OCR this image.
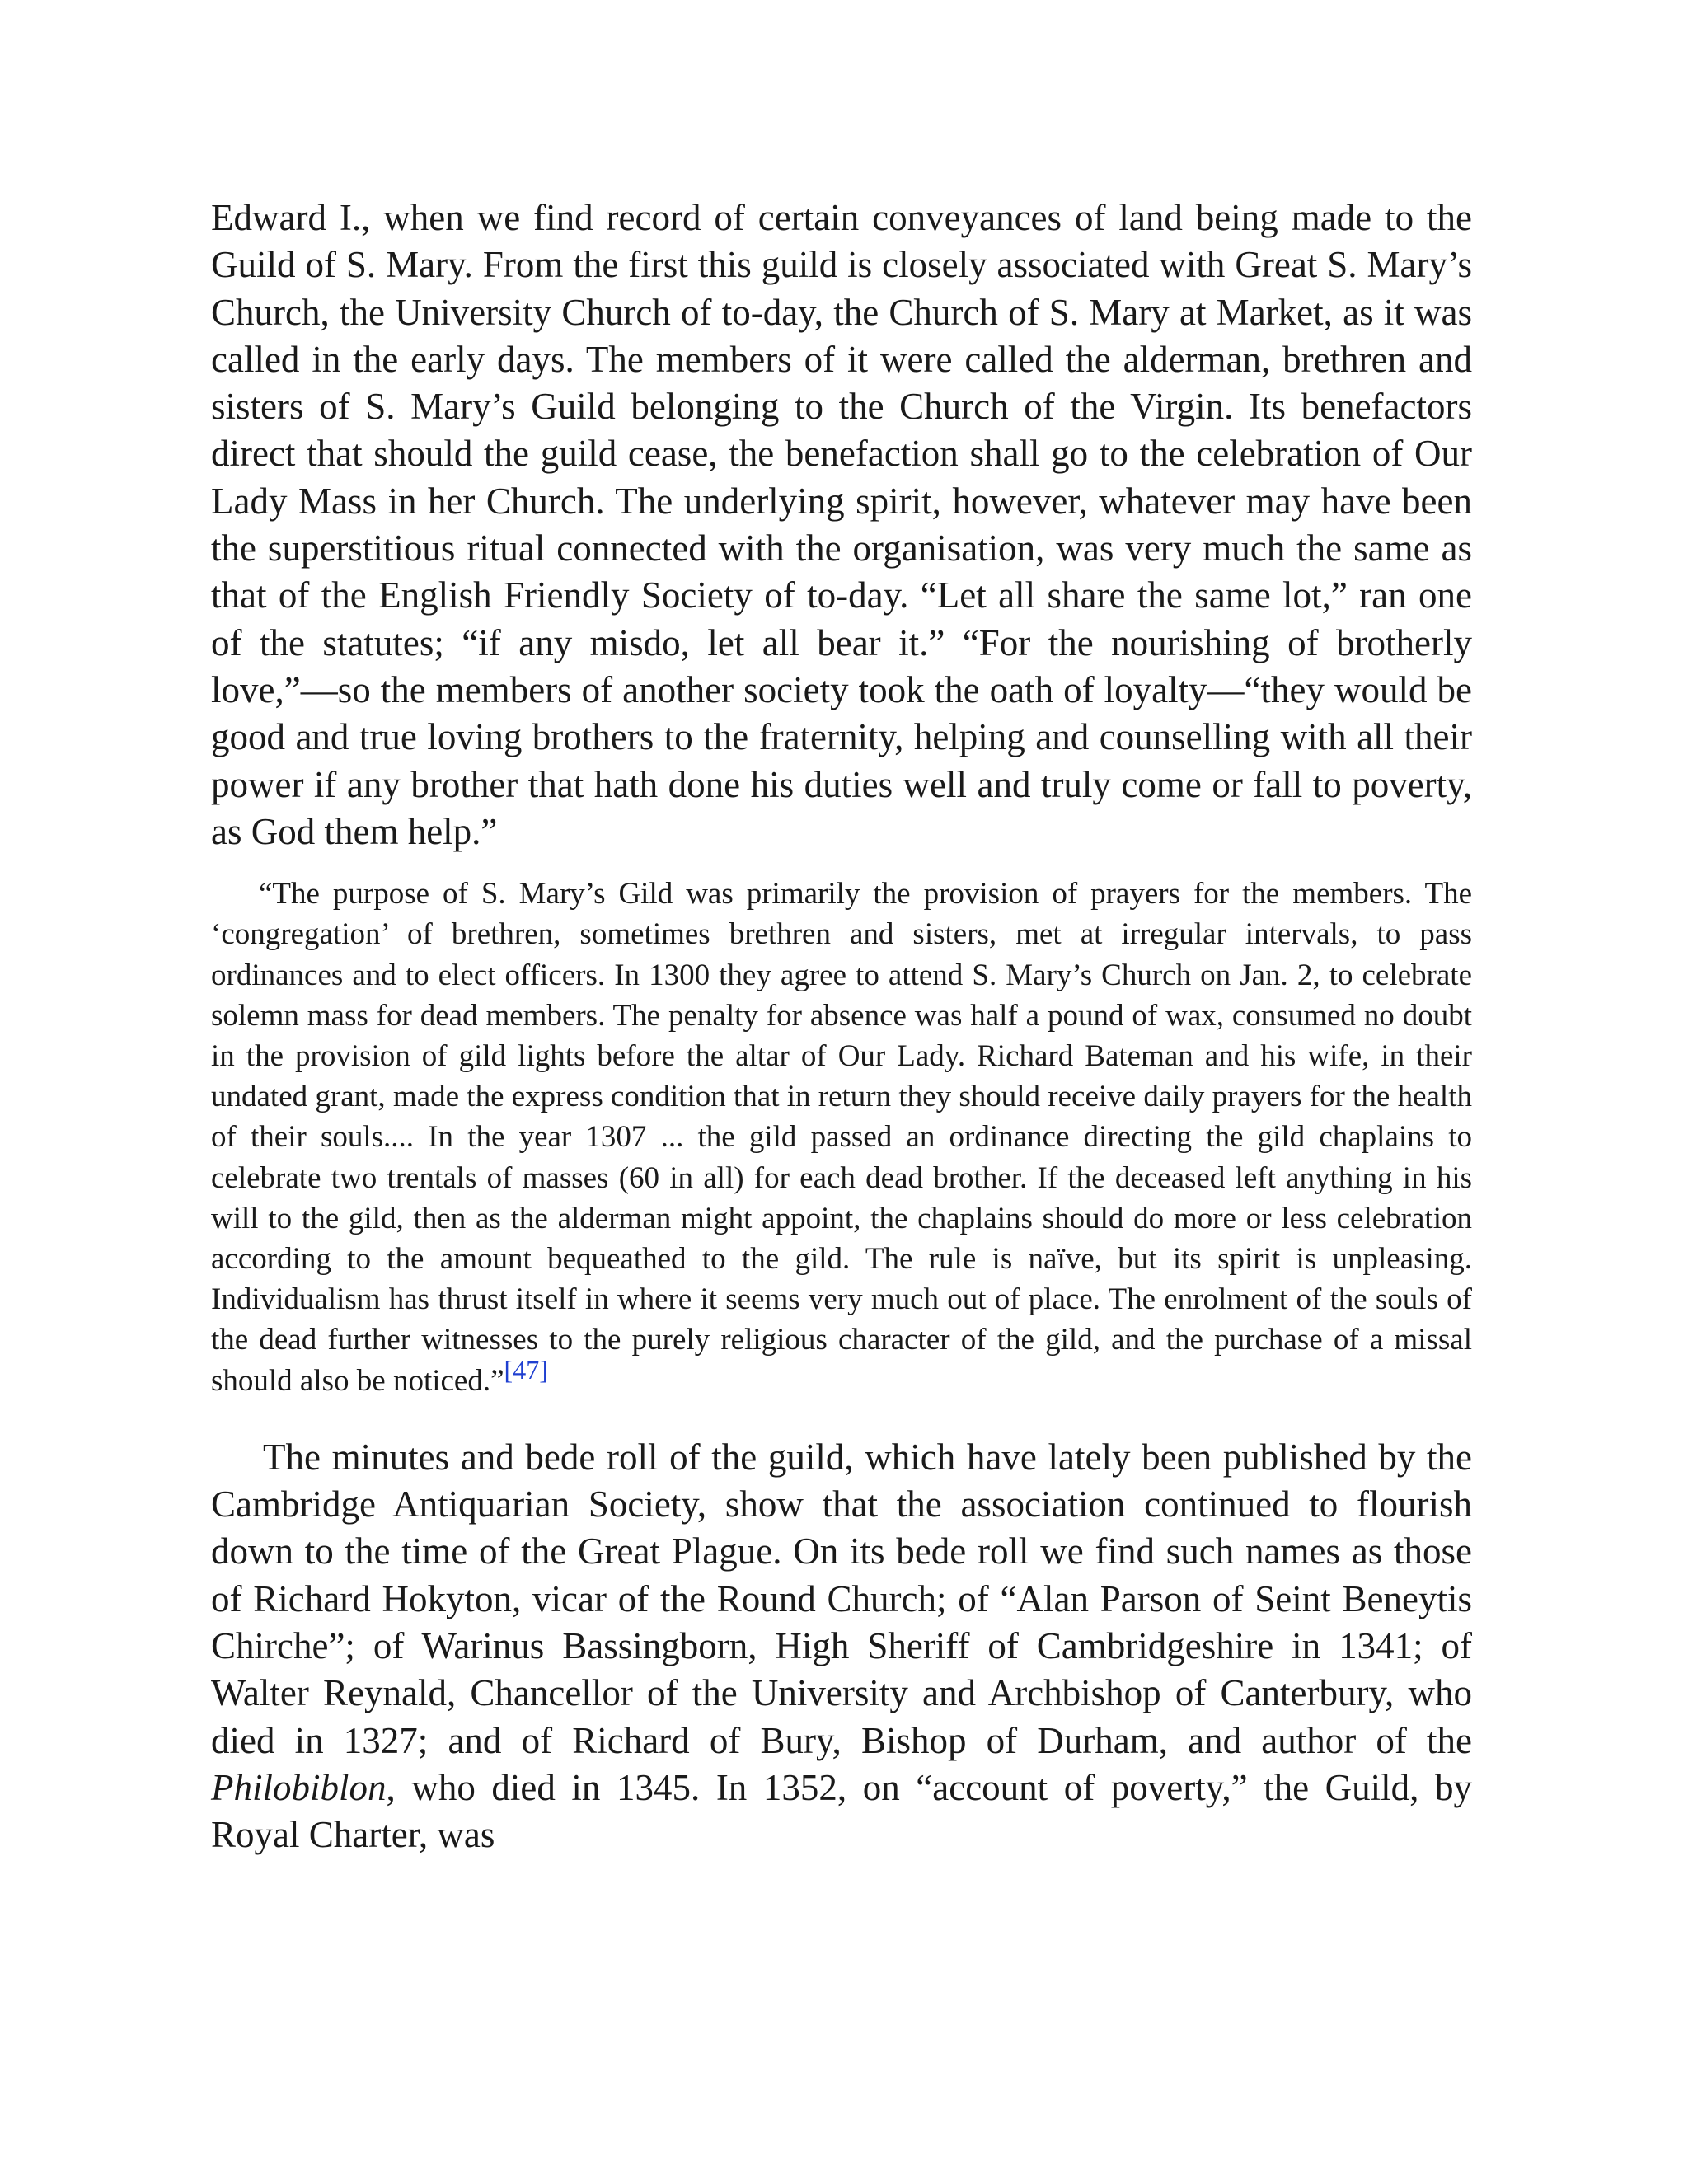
Edward I., when we find record of certain conveyances of land being made to the Guild of S. Mary. From the first this guild is closely associated with Great S. Mary’s Church, the University Church of to-day, the Church of S. Mary at Market, as it was called in the early days. The members of it were called the alderman, brethren and sisters of S. Mary’s Guild belonging to the Church of the Virgin. Its benefactors direct that should the guild cease, the benefaction shall go to the celebration of Our Lady Mass in her Church. The underlying spirit, however, whatever may have been the superstitious ritual connected with the organisation, was very much the same as that of the English Friendly Society of to-day. “Let all share the same lot,” ran one of the statutes; “if any misdo, let all bear it.” “For the nourishing of brotherly love,”—so the members of another society took the oath of loyalty—“they would be good and true loving brothers to the fraternity, helping and counselling with all their power if any brother that hath done his duties well and truly come or fall to poverty, as God them help.”

“The purpose of S. Mary’s Gild was primarily the provision of prayers for the members. The ‘congregation’ of brethren, sometimes brethren and sisters, met at irregular intervals, to pass ordinances and to elect officers. In 1300 they agree to attend S. Mary’s Church on Jan. 2, to celebrate solemn mass for dead members. The penalty for absence was half a pound of wax, consumed no doubt in the provision of gild lights before the altar of Our Lady. Richard Bateman and his wife, in their undated grant, made the express condition that in return they should receive daily prayers for the health of their souls.... In the year 1307 ... the gild passed an ordinance directing the gild chaplains to celebrate two trentals of masses (60 in all) for each dead brother. If the deceased left anything in his will to the gild, then as the alderman might appoint, the chaplains should do more or less celebration according to the amount bequeathed to the gild. The rule is naïve, but its spirit is unpleasing. Individualism has thrust itself in where it seems very much out of place. The enrolment of the souls of the dead further witnesses to the purely religious character of the gild, and the purchase of a missal should also be noticed.”[47]

The minutes and bede roll of the guild, which have lately been published by the Cambridge Antiquarian Society, show that the association continued to flourish down to the time of the Great Plague. On its bede roll we find such names as those of Richard Hokyton, vicar of the Round Church; of “Alan Parson of Seint Beneytis Chirche”; of Warinus Bassingborn, High Sheriff of Cambridgeshire in 1341; of Walter Reynald, Chancellor of the University and Archbishop of Canterbury, who died in 1327; and of Richard of Bury, Bishop of Durham, and author of the Philobiblon, who died in 1345. In 1352, on “account of poverty,” the Guild, by Royal Charter, was
